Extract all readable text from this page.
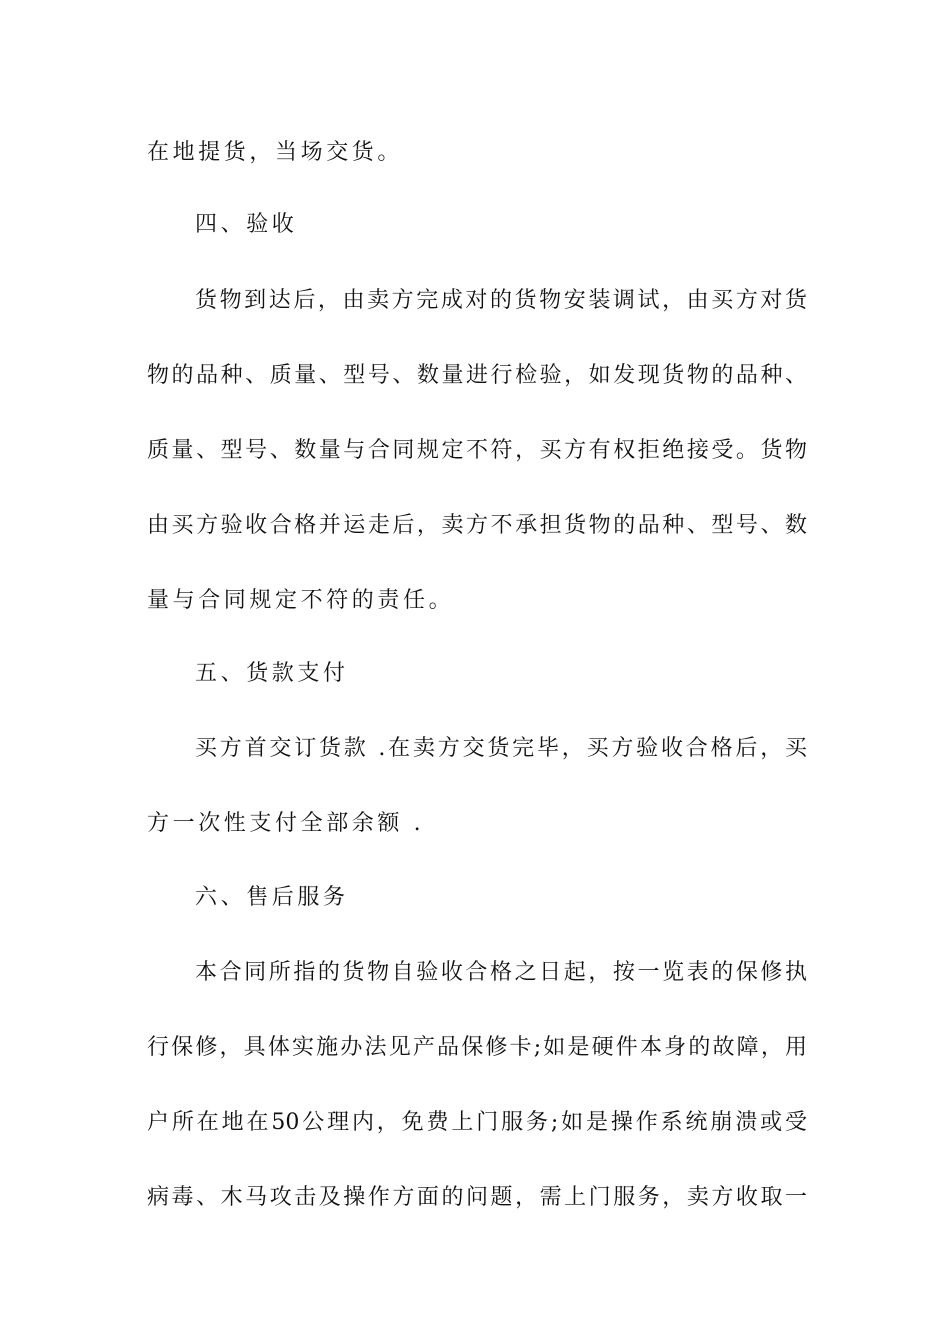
在地提货，当场交货。
四、验收
货物到达后，由卖方完成对的货物安装调试，由买方对货
物的品种、质量、型号、数量进行检验，如发现货物的品种、
质量、型号、数量与合同规定不符，买方有权拒绝接受。货物
由买方验收合格并运走后，卖方不承担货物的品种、型号、数
量与合同规定不符的责任。
五、货款支付
买方首交订货款 .在卖方交货完毕，买方验收合格后，买
方一次性支付全部余额 .
六、售后服务
本合同所指的货物自验收合格之日起，按一览表的保修执
行保修，具体实施办法见产品保修卡;如是硬件本身的故障，用
户所在地在50公理内，免费上门服务;如是操作系统崩溃或受
病毒、木马攻击及操作方面的问题，需上门服务，卖方收取一
